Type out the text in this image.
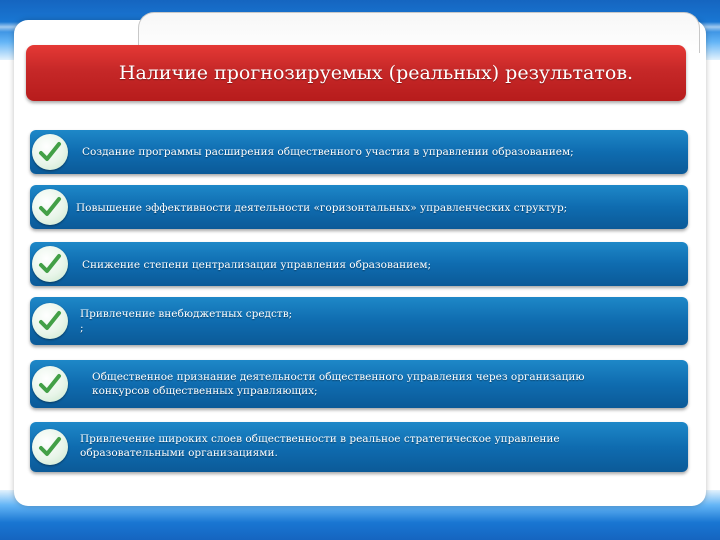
Наличие прогнозируемых (реальных) результатов.
Создание программы расширения общественного участия в управлении образованием;
Повышение эффективности деятельности «горизонтальных» управленческих структур;
Снижение степени централизации управления образованием;
Привлечение внебюджетных средств;
;
Общественное признание деятельности общественного управления через организацию
конкурсов общественных управляющих;
Привлечение широких слоев общественности в реальное стратегическое управление
образовательными организациями.
